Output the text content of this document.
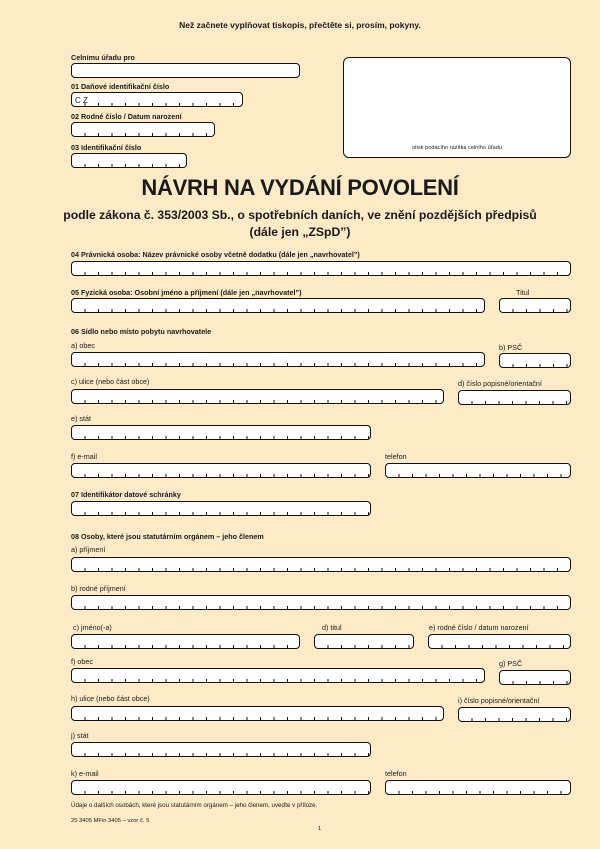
Než začnete vyplňovat tiskopis, přečtěte si, prosím, pokyny.
Celnímu úřadu pro
01 Daňové identifikační číslo
C Z
02 Rodné číslo / Datum narození
03 Identifikační číslo	otisk podacího razítka celního úřadu
NÁVRH NA VYDÁNÍ POVOLENÍ
podle zákona č. 353/2003 Sb., o spotřebních daních, ve znění pozdějších předpisů
(dále jen „ZSpD”)
04 Právnická osoba: Název právnické osoby včetně dodatku (dále jen „navrhovatel”)
05 Fyzická osoba: Osobní jméno a příjmení (dále jen „navrhovatel”)	Titul
06 Sídlo nebo místo pobytu navrhovatele
a) obec	b) PSČ
c) ulice (nebo část obce)	d) číslo popisné/orientační
e) stát
f) e-mail	telefon
07 Identifikátor datové schránky
08 Osoby, které jsou statutárním orgánem – jeho členem
a) příjmení
b) rodné příjmení
c) jméno(-a)	d) titul	e) rodné číslo / datum narození
f) obec	g) PSČ
h) ulice (nebo část obce)	i) číslo popisné/orientační
j) stát
k) e-mail	telefon
Údaje o dalších osobách, které jsou statutárním orgánem – jeho členem, uveďte v příloze.
25 3405 MFin 3405 – vzor č. 5
1
